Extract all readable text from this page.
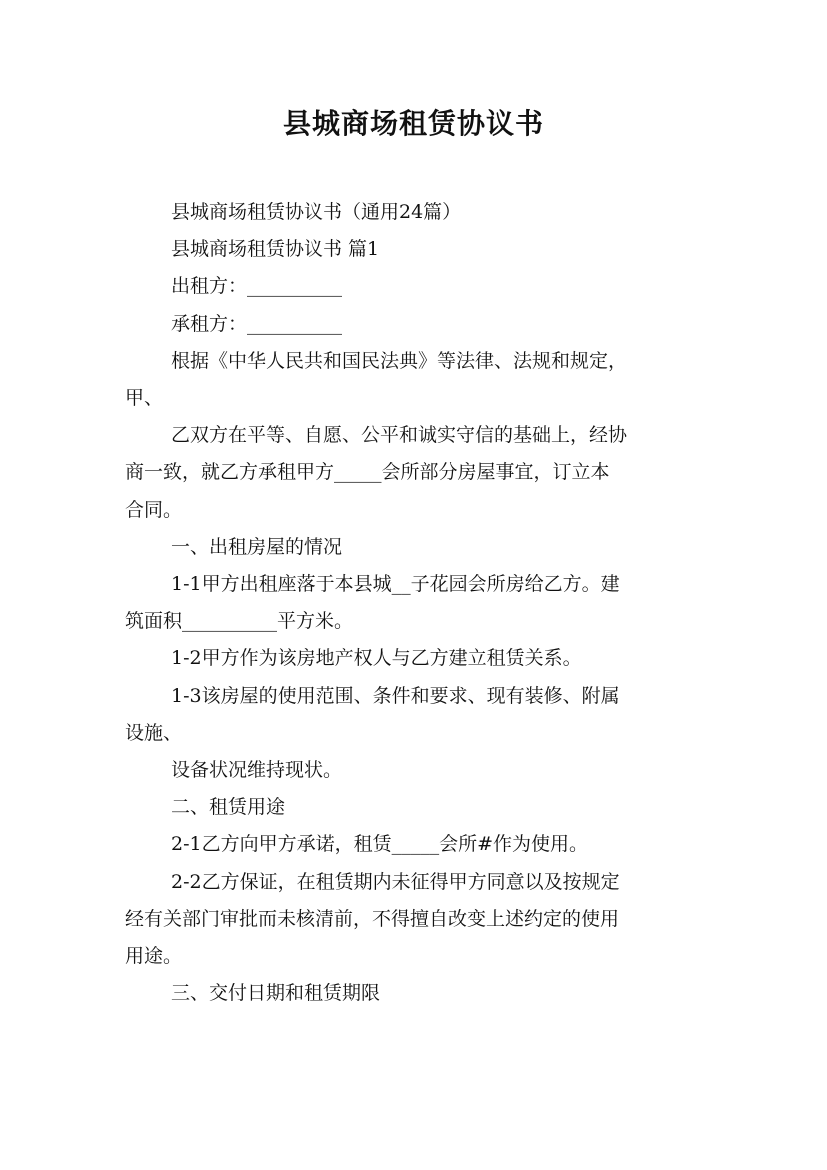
县城商场租赁协议书

县城商场租赁协议书（通用24篇）

县城商场租赁协议书 篇1

出租方：__________

承租方：__________

根据《中华人民共和国民法典》等法律、法规和规定，

甲、

乙双方在平等、自愿、公平和诚实守信的基础上，经协

商一致，就乙方承租甲方_____会所部分房屋事宜，订立本

合同。

一、出租房屋的情况

1-1甲方出租座落于本县城__子花园会所房给乙方。建

筑面积__________平方米。

1-2甲方作为该房地产权人与乙方建立租赁关系。

1-3该房屋的使用范围、条件和要求、现有装修、附属

设施、

设备状况维持现状。

二、租赁用途

2-1乙方向甲方承诺，租赁_____会所#作为使用。

2-2乙方保证，在租赁期内未征得甲方同意以及按规定

经有关部门审批而未核清前，不得擅自改变上述约定的使用

用途。

三、交付日期和租赁期限
